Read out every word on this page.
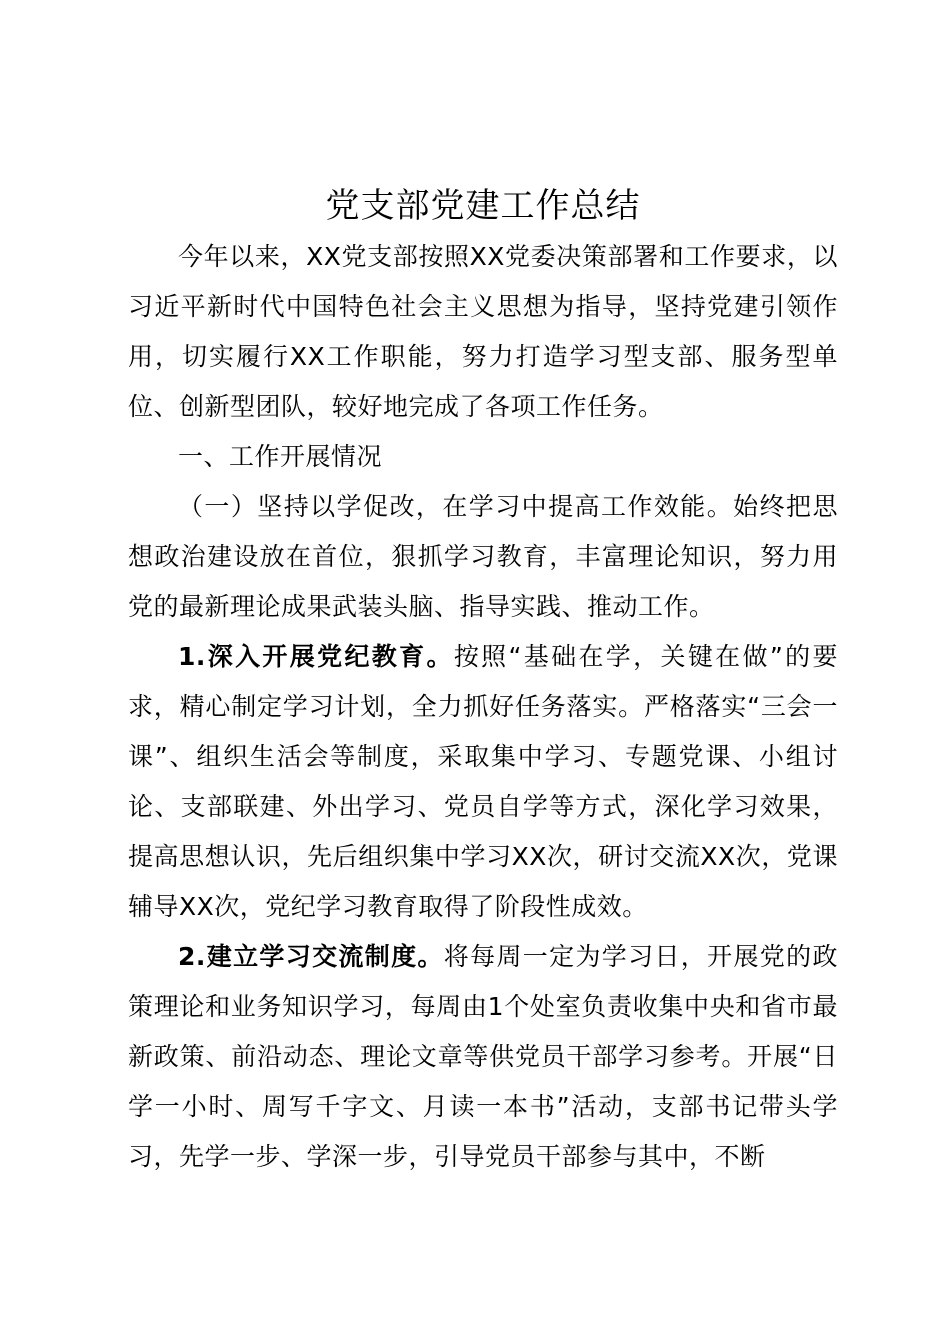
党支部党建工作总结

今年以来，XX党支部按照XX党委决策部署和工作要求，以习近平新时代中国特色社会主义思想为指导，坚持党建引领作用，切实履行XX工作职能，努力打造学习型支部、服务型单位、创新型团队，较好地完成了各项工作任务。

一、工作开展情况

（一）坚持以学促改，在学习中提高工作效能。始终把思想政治建设放在首位，狠抓学习教育，丰富理论知识，努力用党的最新理论成果武装头脑、指导实践、推动工作。

1.深入开展党纪教育。按照“基础在学，关键在做”的要求，精心制定学习计划，全力抓好任务落实。严格落实“三会一课”、组织生活会等制度，采取集中学习、专题党课、小组讨论、支部联建、外出学习、党员自学等方式，深化学习效果，提高思想认识，先后组织集中学习XX次，研讨交流XX次，党课辅导XX次，党纪学习教育取得了阶段性成效。

2.建立学习交流制度。将每周一定为学习日，开展党的政策理论和业务知识学习，每周由1个处室负责收集中央和省市最新政策、前沿动态、理论文章等供党员干部学习参考。开展“日学一小时、周写千字文、月读一本书”活动，支部书记带头学习，先学一步、学深一步，引导党员干部参与其中，不断
